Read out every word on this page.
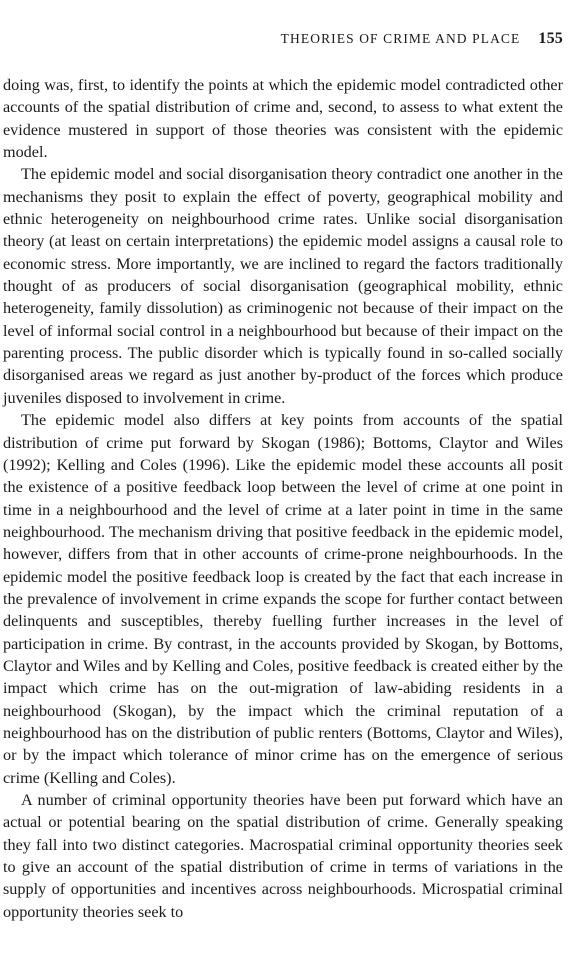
THEORIES OF CRIME AND PLACE 155

doing was, first, to identify the points at which the epidemic model contradicted other accounts of the spatial distribution of crime and, second, to assess to what extent the evidence mustered in support of those theories was consistent with the epidemic model.

The epidemic model and social disorganisation theory contradict one another in the mechanisms they posit to explain the effect of poverty, geographical mobility and ethnic heterogeneity on neighbourhood crime rates. Unlike social disorganisation theory (at least on certain interpretations) the epidemic model assigns a causal role to economic stress. More importantly, we are inclined to regard the factors traditionally thought of as producers of social disorganisation (geographical mobility, ethnic heterogeneity, family dissolution) as criminogenic not because of their impact on the level of informal social control in a neighbourhood but because of their impact on the parenting process. The public disorder which is typically found in so-called socially disorganised areas we regard as just another by-product of the forces which produce juveniles disposed to involvement in crime.

The epidemic model also differs at key points from accounts of the spatial distribution of crime put forward by Skogan (1986); Bottoms, Claytor and Wiles (1992); Kelling and Coles (1996). Like the epidemic model these accounts all posit the existence of a positive feedback loop between the level of crime at one point in time in a neighbourhood and the level of crime at a later point in time in the same neighbourhood. The mechanism driving that positive feedback in the epidemic model, however, differs from that in other accounts of crime-prone neighbourhoods. In the epidemic model the positive feedback loop is created by the fact that each increase in the prevalence of involvement in crime expands the scope for further contact between delinquents and susceptibles, thereby fuelling further increases in the level of participation in crime. By contrast, in the accounts provided by Skogan, by Bottoms, Claytor and Wiles and by Kelling and Coles, positive feedback is created either by the impact which crime has on the out-migration of law-abiding residents in a neighbourhood (Skogan), by the impact which the criminal reputation of a neighbourhood has on the distribution of public renters (Bottoms, Claytor and Wiles), or by the impact which tolerance of minor crime has on the emergence of serious crime (Kelling and Coles).

A number of criminal opportunity theories have been put forward which have an actual or potential bearing on the spatial distribution of crime. Generally speaking they fall into two distinct categories. Macrospatial criminal opportunity theories seek to give an account of the spatial distribution of crime in terms of variations in the supply of opportunities and incentives across neighbourhoods. Microspatial criminal opportunity theories seek to
